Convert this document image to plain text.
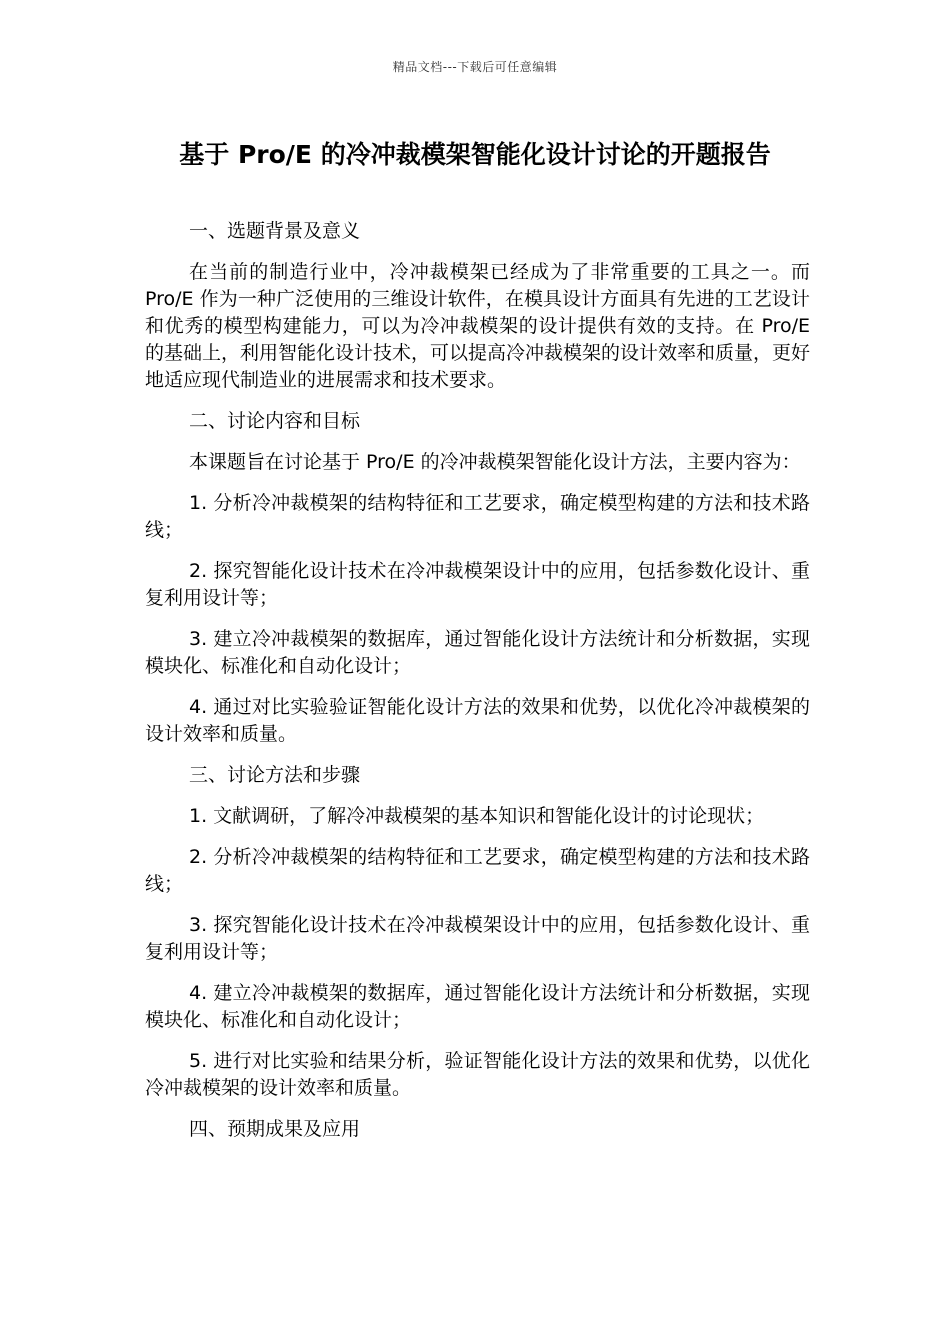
精品文档---下载后可任意编辑
基于 Pro/E 的冷冲裁模架智能化设计讨论的开题报告

一、选题背景及意义

在当前的制造行业中，冷冲裁模架已经成为了非常重要的工具之一。而 Pro/E 作为一种广泛使用的三维设计软件，在模具设计方面具有先进的工艺设计和优秀的模型构建能力，可以为冷冲裁模架的设计提供有效的支持。在 Pro/E 的基础上，利用智能化设计技术，可以提高冷冲裁模架的设计效率和质量，更好地适应现代制造业的进展需求和技术要求。

二、讨论内容和目标

本课题旨在讨论基于 Pro/E 的冷冲裁模架智能化设计方法，主要内容为：

1. 分析冷冲裁模架的结构特征和工艺要求，确定模型构建的方法和技术路线；

2. 探究智能化设计技术在冷冲裁模架设计中的应用，包括参数化设计、重复利用设计等；

3. 建立冷冲裁模架的数据库，通过智能化设计方法统计和分析数据，实现模块化、标准化和自动化设计；

4. 通过对比实验验证智能化设计方法的效果和优势，以优化冷冲裁模架的设计效率和质量。

三、讨论方法和步骤

1. 文献调研，了解冷冲裁模架的基本知识和智能化设计的讨论现状；

2. 分析冷冲裁模架的结构特征和工艺要求，确定模型构建的方法和技术路线；

3. 探究智能化设计技术在冷冲裁模架设计中的应用，包括参数化设计、重复利用设计等；

4. 建立冷冲裁模架的数据库，通过智能化设计方法统计和分析数据，实现模块化、标准化和自动化设计；

5. 进行对比实验和结果分析，验证智能化设计方法的效果和优势，以优化冷冲裁模架的设计效率和质量。

四、预期成果及应用
